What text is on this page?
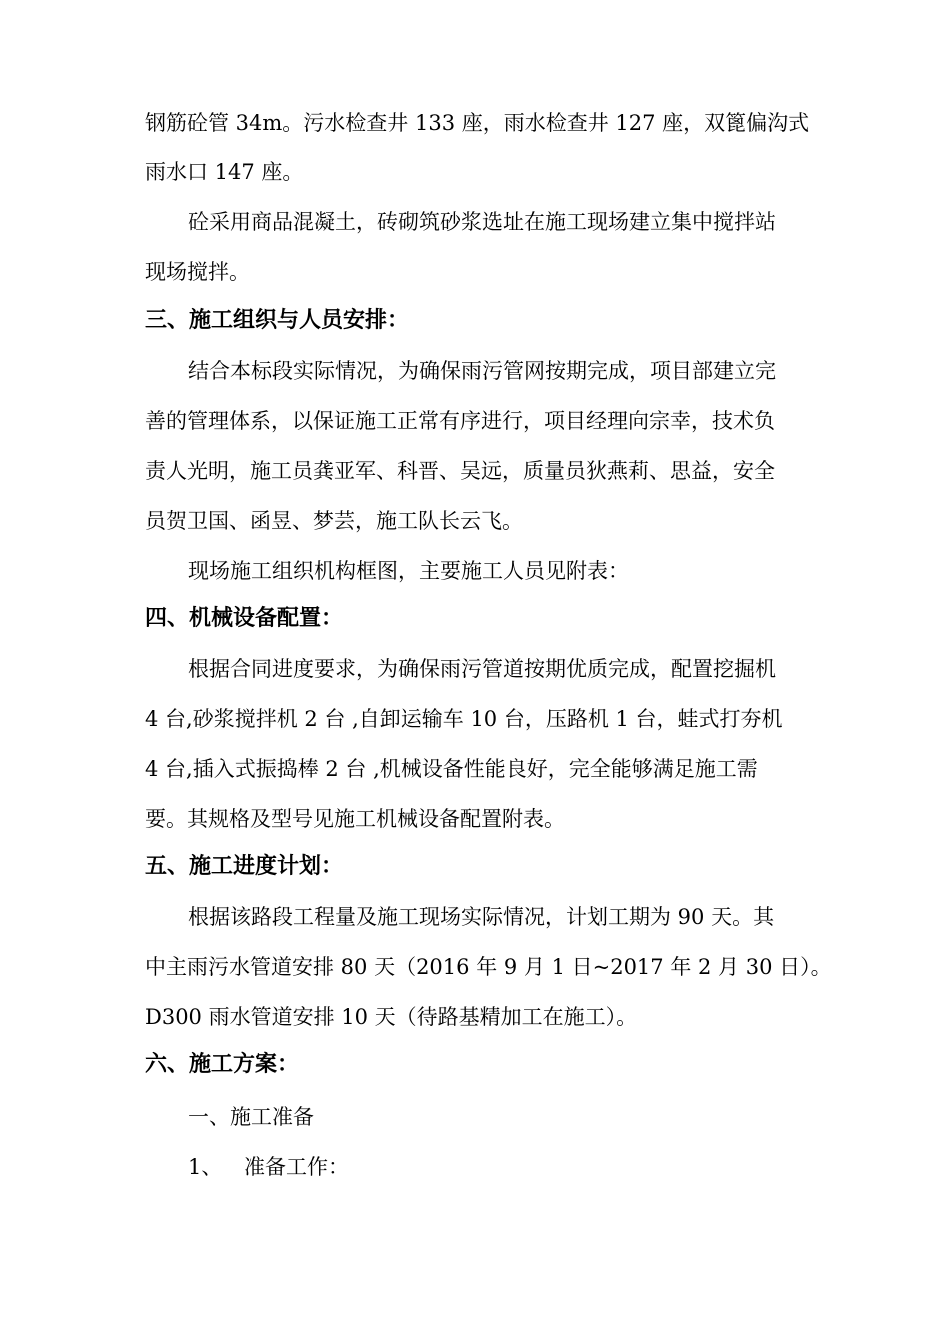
钢筋砼管 34m。污水检查井 133 座，雨水检查井 127 座，双篦偏沟式
雨水口 147 座。
砼采用商品混凝土，砖砌筑砂浆选址在施工现场建立集中搅拌站
现场搅拌。
三、施工组织与人员安排：
结合本标段实际情况，为确保雨污管网按期完成，项目部建立完
善的管理体系，以保证施工正常有序进行，项目经理向宗幸，技术负
责人光明，施工员龚亚军、科晋、吴远，质量员狄燕莉、思益，安全
员贺卫国、函昱、梦芸，施工队长云飞。
现场施工组织机构框图，主要施工人员见附表：
四、机械设备配置：
根据合同进度要求，为确保雨污管道按期优质完成，配置挖掘机
4 台,砂浆搅拌机 2 台 ,自卸运输车 10 台，压路机 1 台，蛙式打夯机
4 台,插入式振捣棒 2 台 ,机械设备性能良好，完全能够满足施工需
要。其规格及型号见施工机械设备配置附表。
五、施工进度计划：
根据该路段工程量及施工现场实际情况，计划工期为 90 天。其
中主雨污水管道安排 80 天（2016 年 9 月 1 日~2017 年 2 月 30 日）。
D300 雨水管道安排 10 天（待路基精加工在施工）。
六、施工方案：
一、施工准备
1、 准备工作：
